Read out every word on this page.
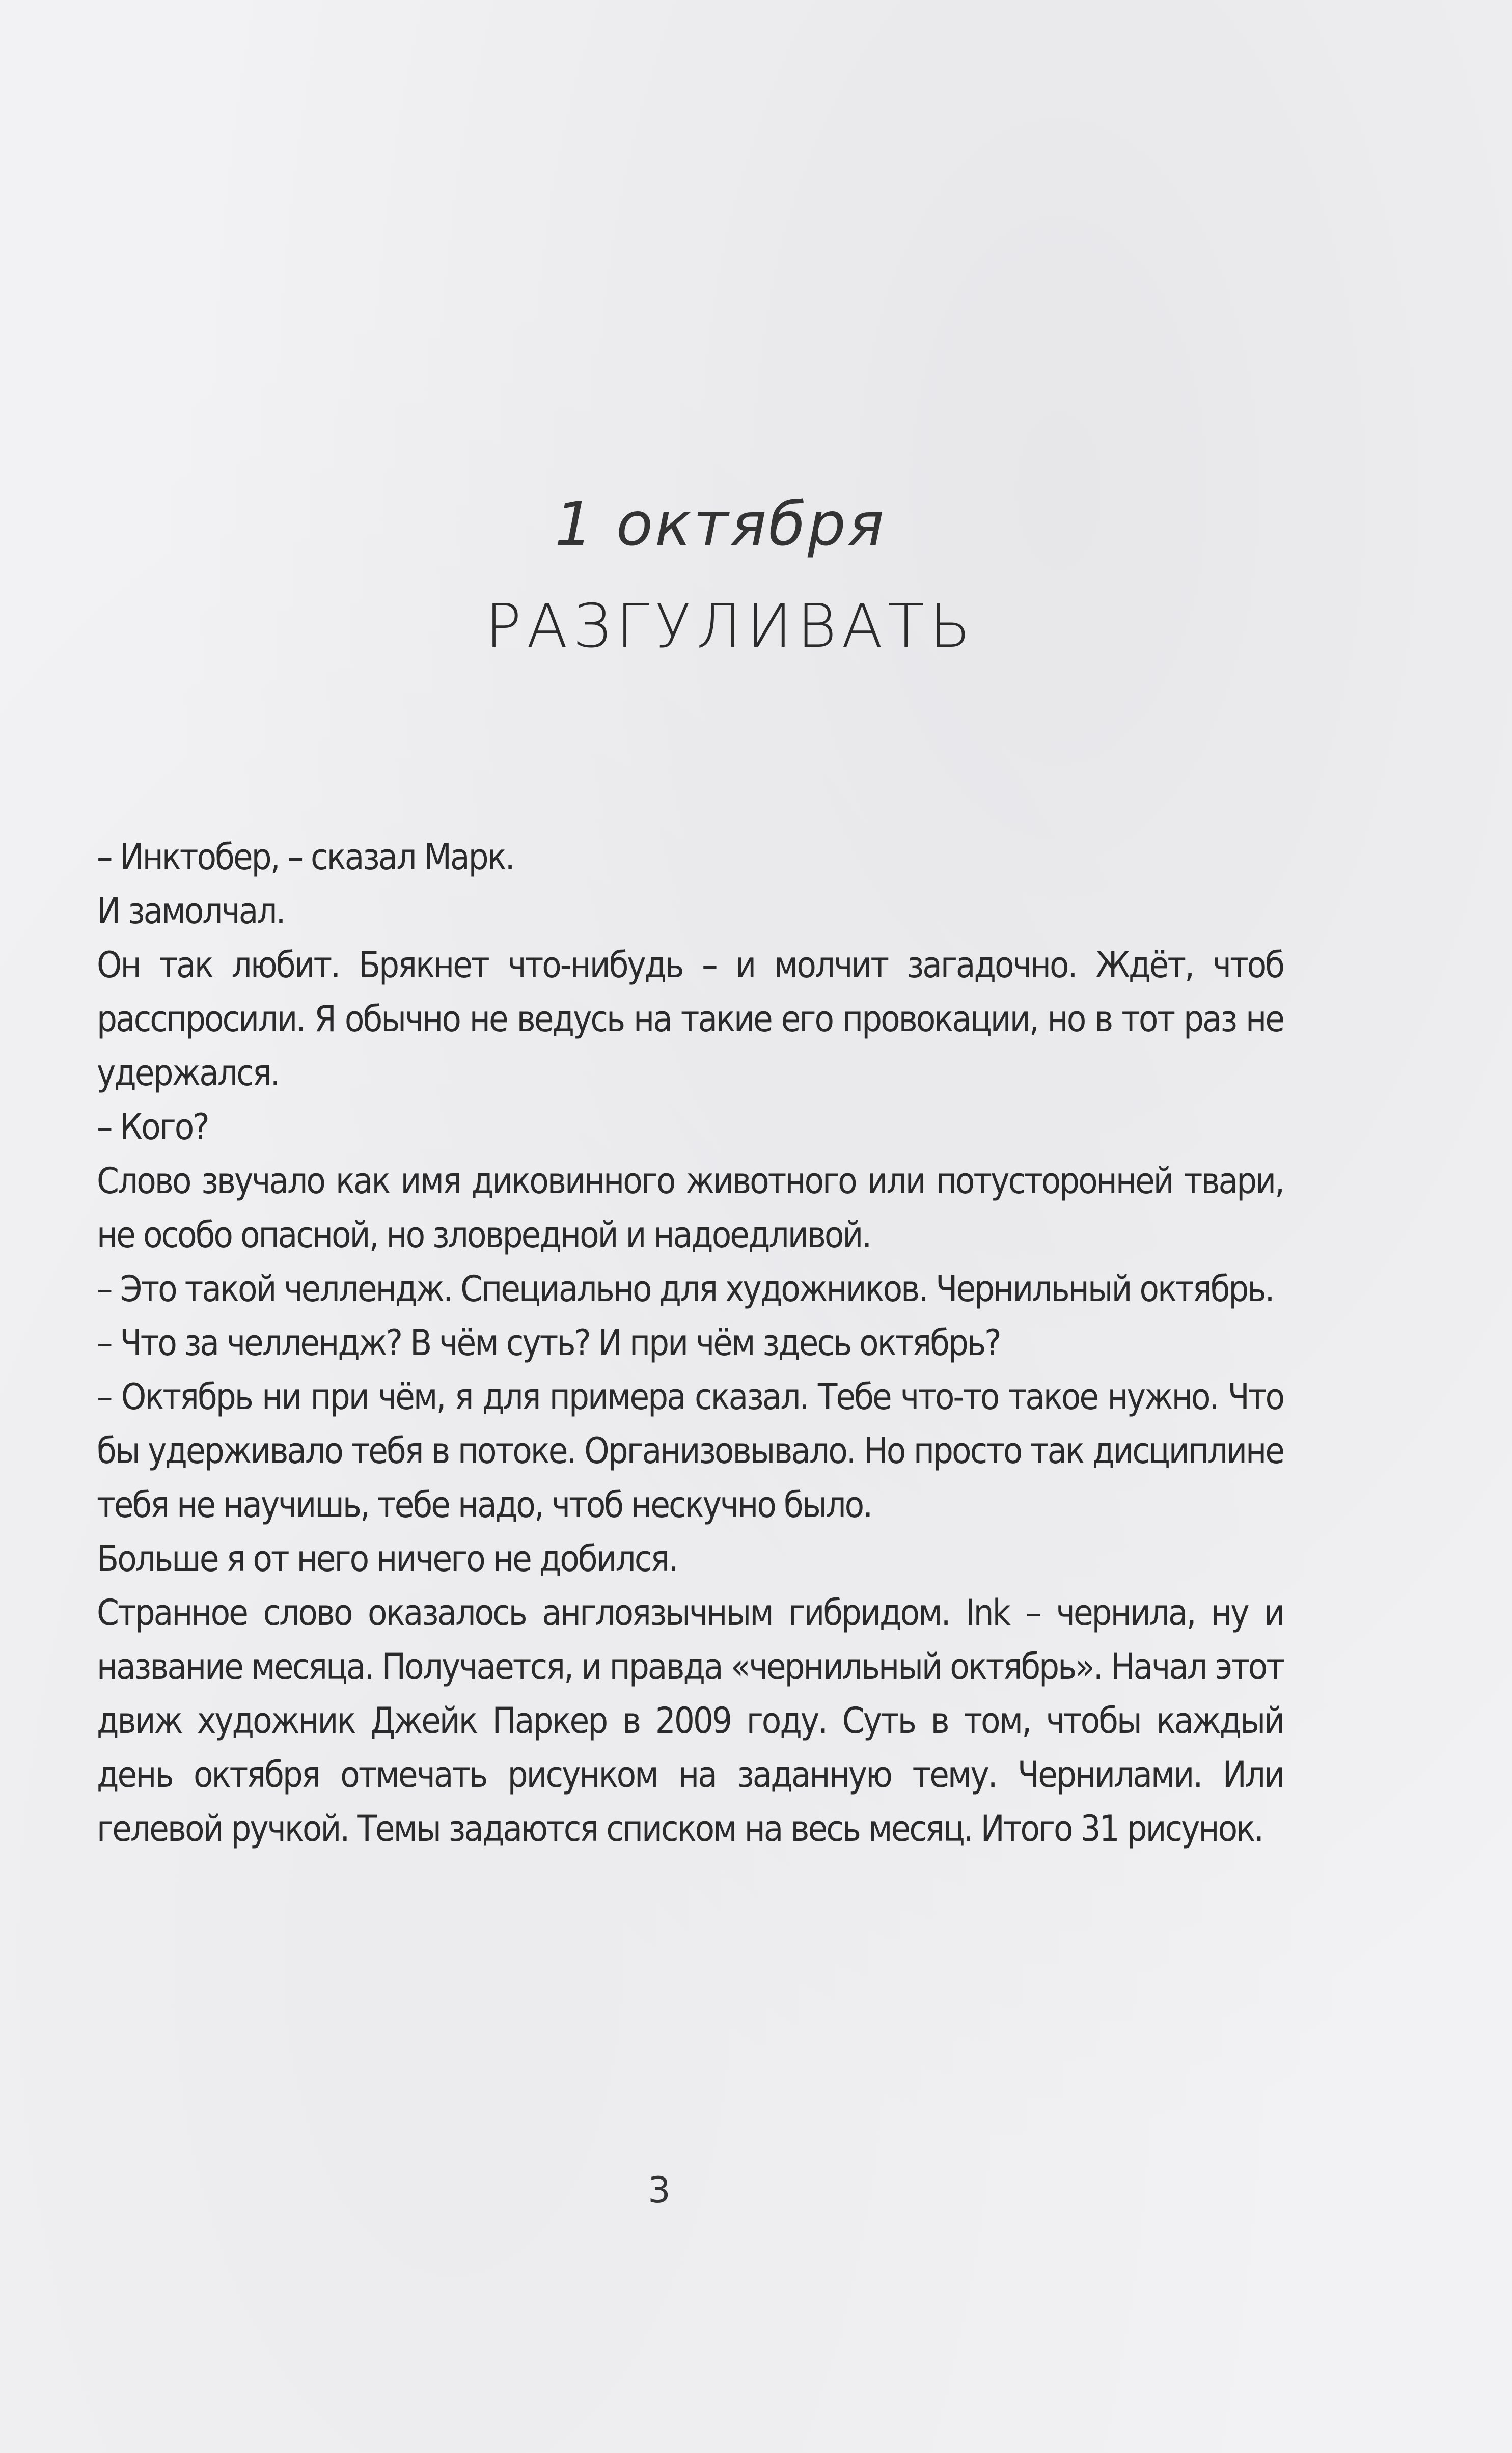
1 октября
РАЗГУЛИВАТЬ

– Инктобер, – сказал Марк.

И замолчал.

Он так любит. Брякнет что-нибудь – и молчит загадочно. Ждёт, чтоб расспросили. Я обычно не ведусь на такие его провокации, но в тот раз не удержался.

– Кого?

Слово звучало как имя диковинного животного или потусторонней твари, не особо опасной, но зловредной и надоедливой.

– Это такой челлендж. Специально для художников. Чернильный октябрь.

– Что за челлендж? В чём суть? И при чём здесь октябрь?

– Октябрь ни при чём, я для примера сказал. Тебе что-то такое нужно. Что бы удерживало тебя в потоке. Организовывало. Но просто так дисциплине тебя не научишь, тебе надо, чтоб нескучно было.

Больше я от него ничего не добился.

Странное слово оказалось англоязычным гибридом. Ink – чернила, ну и название месяца. Получается, и правда «чернильный октябрь». Начал этот движ художник Джейк Паркер в 2009 году. Суть в том, чтобы каждый день октября отмечать рисунком на заданную тему. Чернилами. Или гелевой ручкой. Темы задаются списком на весь месяц. Итого 31 рисунок.

3
